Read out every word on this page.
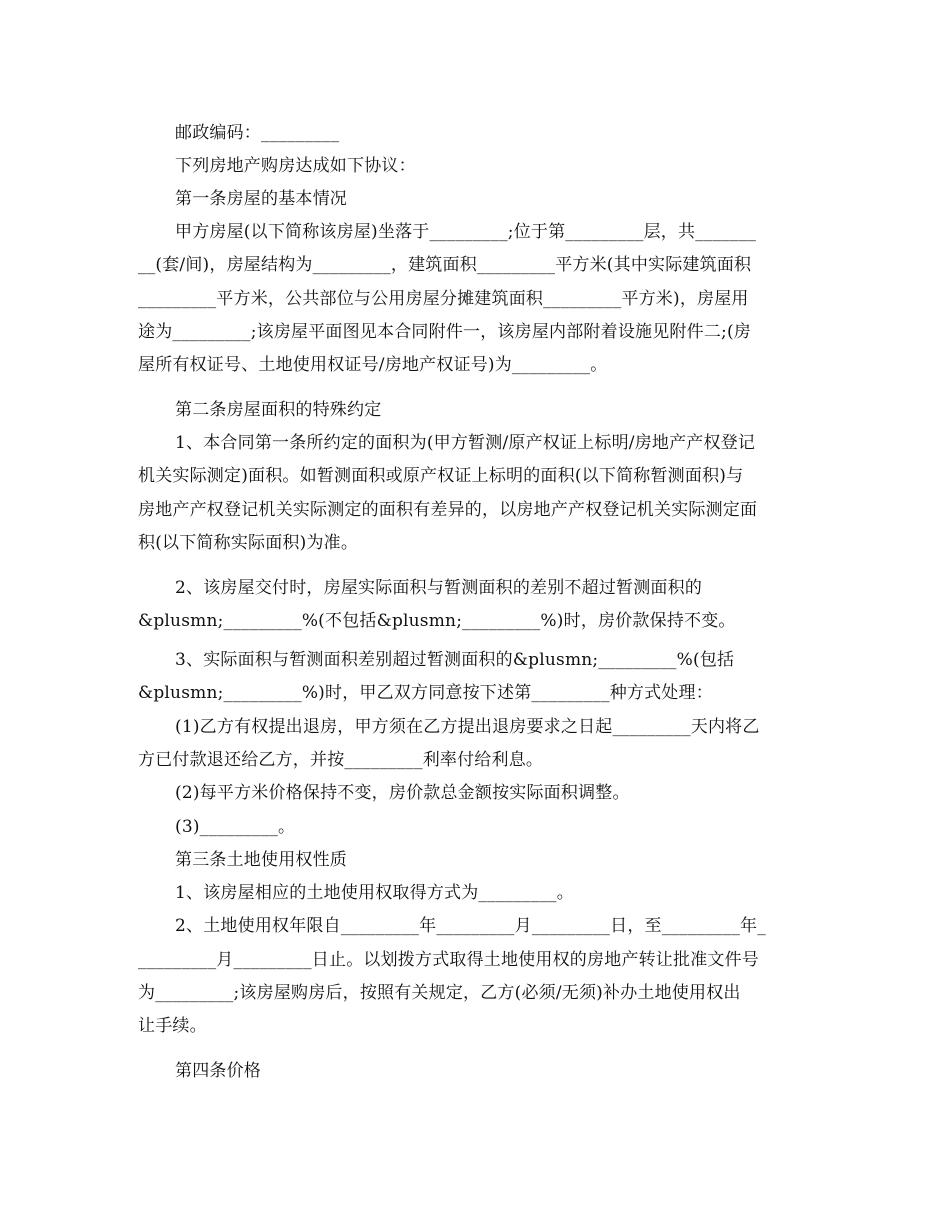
邮政编码：_________
下列房地产购房达成如下协议：
第一条房屋的基本情况
甲方房屋(以下简称该房屋)坐落于_________;位于第_________层，共_______
__(套/间)，房屋结构为_________，建筑面积_________平方米(其中实际建筑面积
_________平方米，公共部位与公用房屋分摊建筑面积_________平方米)，房屋用
途为_________;该房屋平面图见本合同附件一，该房屋内部附着设施见附件二;(房
屋所有权证号、土地使用权证号/房地产权证号)为_________。
第二条房屋面积的特殊约定
1、本合同第一条所约定的面积为(甲方暂测/原产权证上标明/房地产产权登记
机关实际测定)面积。如暂测面积或原产权证上标明的面积(以下简称暂测面积)与
房地产产权登记机关实际测定的面积有差异的，以房地产产权登记机关实际测定面
积(以下简称实际面积)为准。
2、该房屋交付时，房屋实际面积与暂测面积的差别不超过暂测面积的
&plusmn;_________%(不包括&plusmn;_________%)时，房价款保持不变。
3、实际面积与暂测面积差别超过暂测面积的&plusmn;_________%(包括
&plusmn;_________%)时，甲乙双方同意按下述第_________种方式处理：
(1)乙方有权提出退房，甲方须在乙方提出退房要求之日起_________天内将乙
方已付款退还给乙方，并按_________利率付给利息。
(2)每平方米价格保持不变，房价款总金额按实际面积调整。
(3)_________。
第三条土地使用权性质
1、该房屋相应的土地使用权取得方式为_________。
2、土地使用权年限自_________年_________月_________日，至_________年_
_________月_________日止。以划拨方式取得土地使用权的房地产转让批准文件号
为_________;该房屋购房后，按照有关规定，乙方(必须/无须)补办土地使用权出
让手续。
第四条价格
